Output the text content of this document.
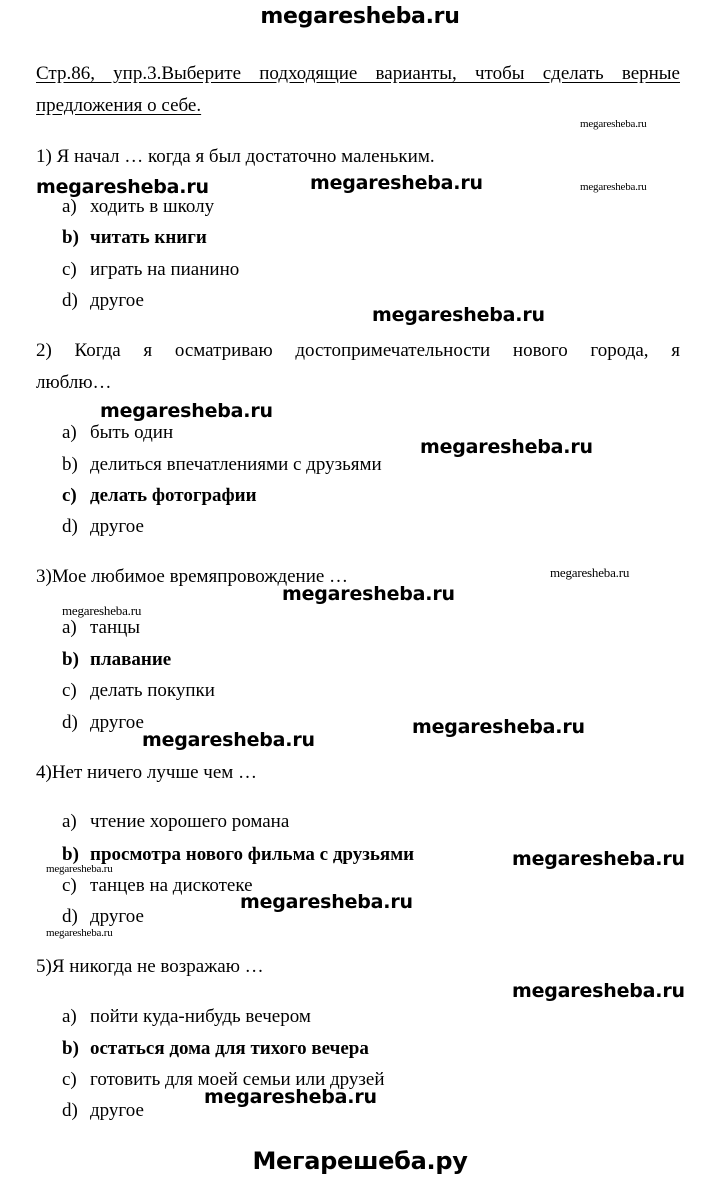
megaresheba.ru
Мегарешеба.ру
Стр.86, упр.3.Выберите подходящие варианты, чтобы сделать верные
предложения о себе.
1) Я начал … когда я был достаточно маленьким.
a) ходить в школу
b) читать книги
c) играть на пианино
d) другое
2) Когда я осматриваю достопримечательности нового города, я
люблю…
a) быть один
b) делиться впечатлениями с друзьями
c) делать фотографии
d) другое
3)Мое любимое времяпровождение …
a) танцы
b) плавание
c) делать покупки
d) другое
4)Нет ничего лучше чем …
a) чтение хорошего романа
b) просмотра нового фильма с друзьями
c) танцев на дискотеке
d) другое
5)Я никогда не возражаю …
a) пойти куда-нибудь вечером
b) остаться дома для тихого вечера
c) готовить для моей семьи или друзей
d) другое
megaresheba.ru
megaresheba.ru	megaresheba.ru	megaresheba.ru
megaresheba.ru
megaresheba.ru
megaresheba.ru
megaresheba.ru
megaresheba.ru
megaresheba.ru
megaresheba.ru
megaresheba.ru
megaresheba.ru
megaresheba.ru
megaresheba.ru
megaresheba.ru
megaresheba.ru
megaresheba.ru
